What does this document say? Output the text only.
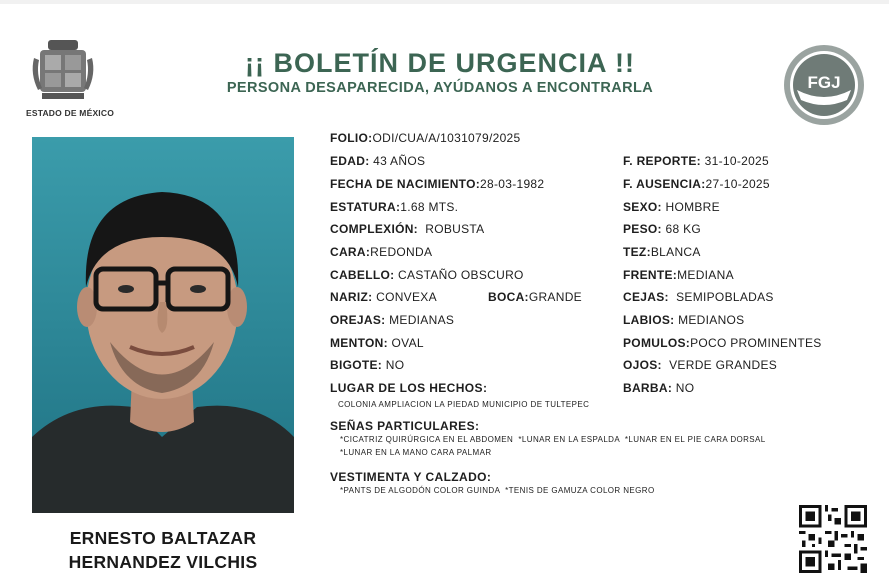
ESTADO DE MÉXICO
¡¡ BOLETÍN DE URGENCIA !!
PERSONA DESAPARECIDA, AYÚDANOS A ENCONTRARLA	FGJ
ERNESTO BALTAZAR
HERNANDEZ VILCHIS
FOLIO:ODI/CUA/A/1031079/2025
EDAD: 43 AÑOS
FECHA DE NACIMIENTO:28-03-1982
ESTATURA:1.68 MTS.
COMPLEXIÓN: ROBUSTA
CARA:REDONDA
CABELLO: CASTAÑO OBSCURO
NARIZ: CONVEXA	BOCA:GRANDE
OREJAS: MEDIANAS
MENTON: OVAL
BIGOTE: NO
F. REPORTE: 31-10-2025
F. AUSENCIA:27-10-2025
SEXO: HOMBRE
PESO: 68 KG
TEZ:BLANCA
FRENTE:MEDIANA
CEJAS: SEMIPOBLADAS
LABIOS: MEDIANOS
POMULOS:POCO PROMINENTES
OJOS: VERDE GRANDES
BARBA: NO
LUGAR DE LOS HECHOS:
COLONIA AMPLIACION LA PIEDAD MUNICIPIO DE TULTEPEC
SEÑAS PARTICULARES:
*CICATRIZ QUIRÚRGICA EN EL ABDOMEN  *LUNAR EN LA ESPALDA  *LUNAR EN EL PIE CARA DORSAL
*LUNAR EN LA MANO CARA PALMAR
VESTIMENTA Y CALZADO:
*PANTS DE ALGODÓN COLOR GUINDA  *TENIS DE GAMUZA COLOR NEGRO
